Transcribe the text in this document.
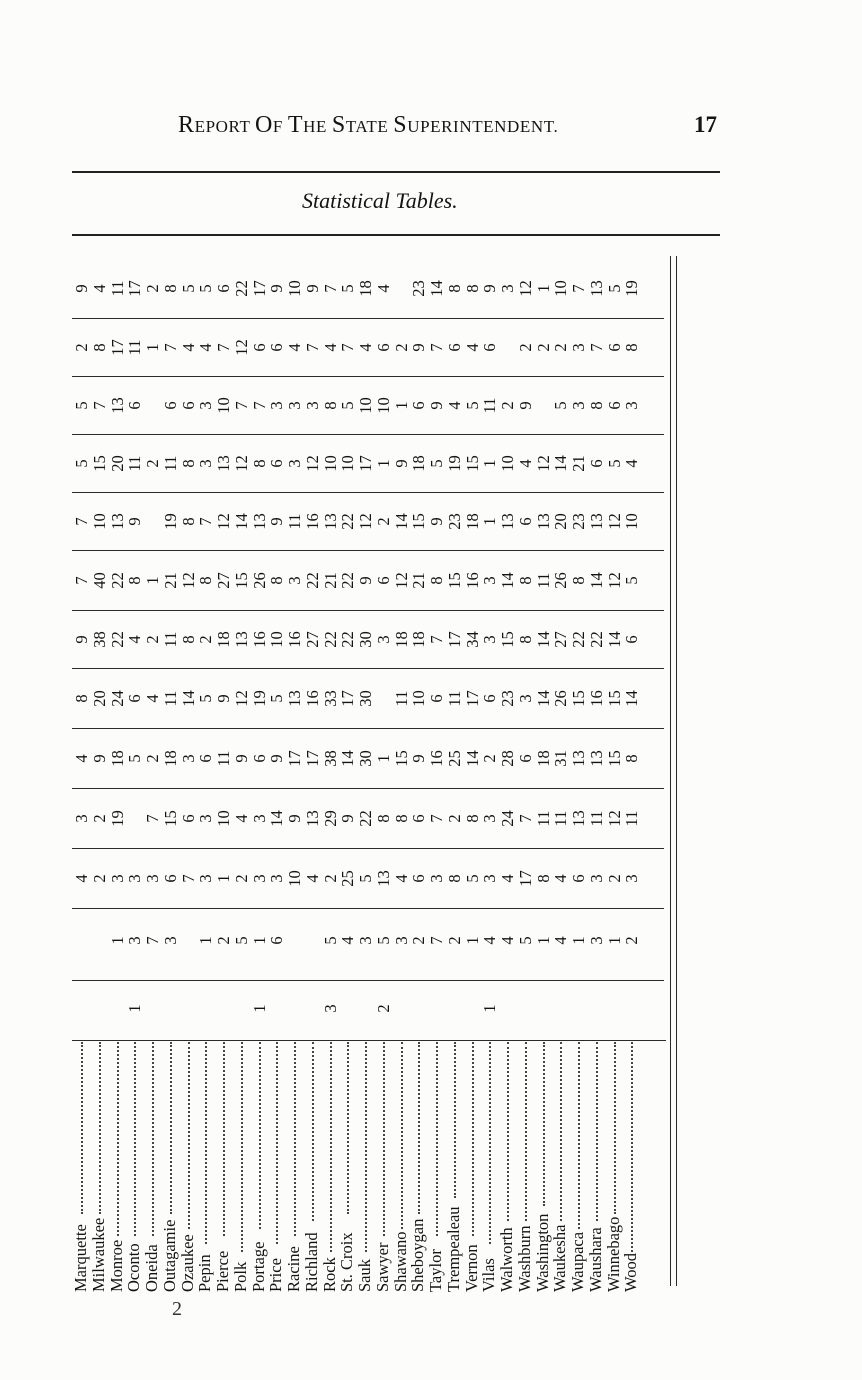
REPORT OF THE STATE SUPERINTENDENT.	17
Statistical Tables.
Marquette
4
3
4
8
9
7
7
5
5
2
9
Milwaukee
2
2
9
20
38
40
10
15
7
8
4
Monroe
1
3
19
18
24
22
22
13
20
13
17
11
Oconto
1
3
3
5
6
4
8
9
11
6
11
17
Oneida
7
3
7
2
4
2
1
2
1
2
Outagamie
3
6
15
18
11
11
21
19
11
6
7
8
Ozaukee
7
6
3
14
8
12
8
8
6
4
5
Pepin
1
3
3
6
5
2
8
7
3
3
4
5
Pierce
2
1
10
11
9
18
27
12
13
10
7
6
Polk
5
2
4
9
12
13
15
14
12
7
12
22
Portage
1
1
3
3
6
19
16
26
13
8
7
6
17
Price
6
3
14
9
5
10
8
9
6
3
6
9
Racine
10
9
17
13
16
3
11
3
3
4
10
Richland
4
13
17
16
27
22
16
12
3
7
9
Rock
3
5
2
29
38
33
22
21
13
10
8
4
7
St. Croix
4
25
9
14
17
22
22
22
10
5
7
5
Sauk
3
5
22
30
30
30
9
12
17
10
4
18
Sawyer
2
5
13
8
1
3
6
2
1
10
6
4
Shawano
3
4
8
15
11
18
12
14
9
1
2
Sheboygan
2
6
6
9
10
18
21
15
18
6
9
23
Taylor
7
3
7
16
6
7
8
9
5
9
7
14
Trempealeau
2
8
2
25
11
17
15
23
19
4
6
8
Vernon
1
5
8
14
17
34
16
18
15
5
4
8
Vilas
1
4
3
3
2
6
3
3
1
1
11
6
9
Walworth
4
4
24
28
23
15
14
13
10
2
3
Washburn
5
17
7
6
3
8
8
6
4
9
2
12
Washington
1
8
11
18
14
14
11
13
12
2
1
Waukesha
4
4
11
31
26
27
26
20
14
5
2
10
Waupaca
1
6
13
13
15
22
8
23
21
3
3
7
Waushara
3
3
11
13
16
22
14
13
6
8
7
13
Winnebago
1
2
12
15
15
14
12
12
5
6
6
5
Wood
2
3
11
8
14
6
5
10
4
3
8
19
2
